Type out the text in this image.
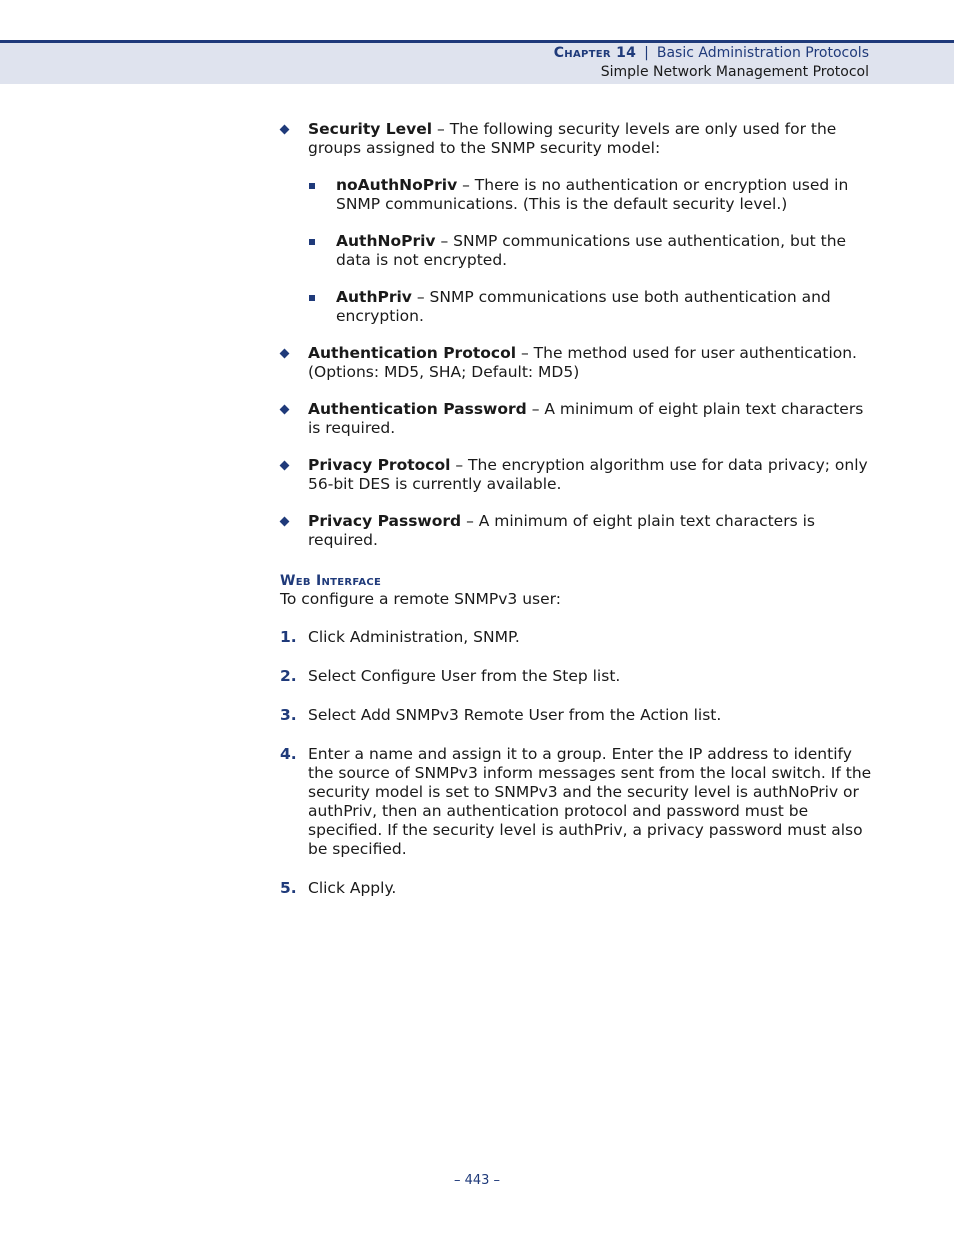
Chapter 14 | Basic Administration Protocols
Simple Network Management Protocol
Security Level – The following security levels are only used for the groups assigned to the SNMP security model:
noAuthNoPriv – There is no authentication or encryption used in SNMP communications. (This is the default security level.)
AuthNoPriv – SNMP communications use authentication, but the data is not encrypted.
AuthPriv – SNMP communications use both authentication and encryption.
Authentication Protocol – The method used for user authentication. (Options: MD5, SHA; Default: MD5)
Authentication Password – A minimum of eight plain text characters is required.
Privacy Protocol – The encryption algorithm use for data privacy; only 56-bit DES is currently available.
Privacy Password – A minimum of eight plain text characters is required.
Web Interface
To configure a remote SNMPv3 user:
1. Click Administration, SNMP.
2. Select Configure User from the Step list.
3. Select Add SNMPv3 Remote User from the Action list.
4. Enter a name and assign it to a group. Enter the IP address to identify the source of SNMPv3 inform messages sent from the local switch. If the security model is set to SNMPv3 and the security level is authNoPriv or authPriv, then an authentication protocol and password must be specified. If the security level is authPriv, a privacy password must also be specified.
5. Click Apply.
– 443 –
